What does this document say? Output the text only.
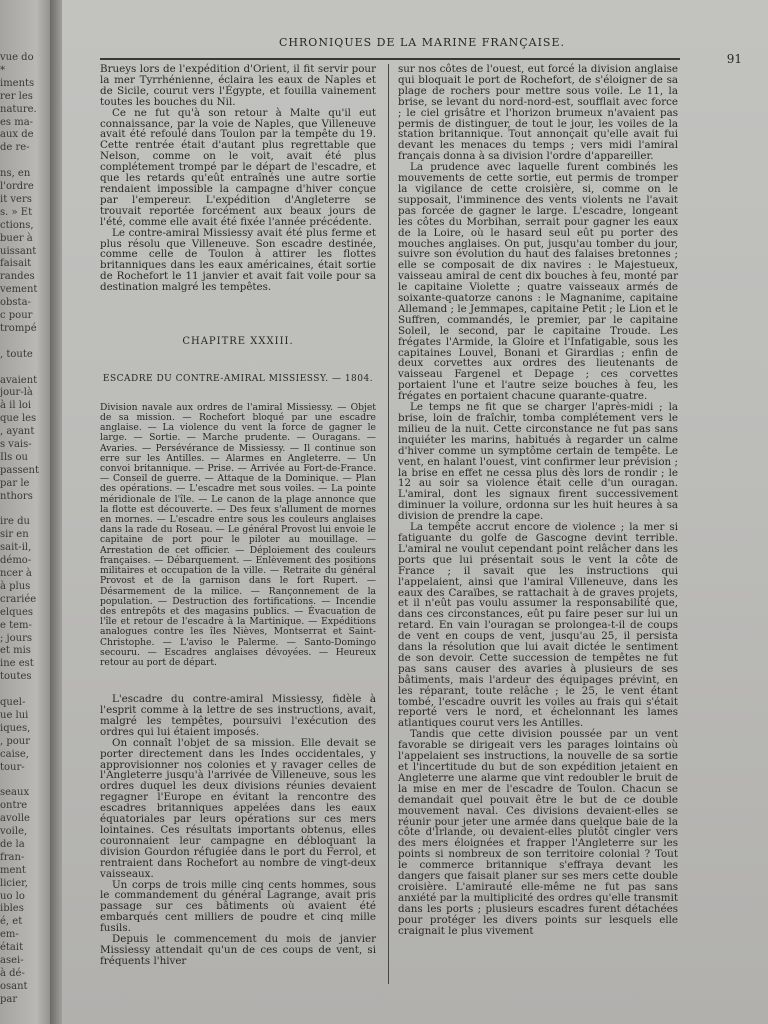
vue do
*
iments
rer les
nature.
es ma-
aux de
de re-
ns, en
l'ordre
it vers
s. » Et
ctions,
buer à
uissant
faisait
randes
vement
obsta-
c pour
trompé
, toute
avaient
jour-là
à il loi
que les
, ayant
s vais-
Ils ou
passent
par le
nthors
ire du
sir en
sait-il,
démo-
ncer à
à plus
crariée
elques
e tem-
; jours
et mis
ine est
toutes
quel-
ue lui
iques,
, pour
caise,
tour-
seaux
ontre
avolle
voile,
de la
fran-
ment
licier,
uo lo
ibles
é, et
em-
était
asei-
à dé-
osant
par
CHRONIQUES DE LA MARINE FRANÇAISE.
91

Brueys lors de l'expédition d'Orient, il fit servir pour la mer Tyrrhénienne, éclaira les eaux de Naples et de Sicile, courut vers l'Égypte, et fouilla vainement toutes les bouches du Nil.

Ce ne fut qu'à son retour à Malte qu'il eut connaissance, par la voie de Naples, que Villeneuve avait été refoulé dans Toulon par la tempête du 19. Cette rentrée était d'autant plus regrettable que Nelson, comme on le voit, avait été plus complétement trompé par le départ de l'escadre, et que les retards qu'eût entraînés une autre sortie rendaient impossible la campagne d'hiver conçue par l'empereur. L'expédition d'Angleterre se trouvait reportée forcément aux beaux jours de l'été, comme elle avait été fixée l'année précédente.

Le contre-amiral Missiessy avait été plus ferme et plus résolu que Villeneuve. Son escadre destinée, comme celle de Toulon à attirer les flottes britanniques dans les eaux américaines, était sortie de Rochefort le 11 janvier et avait fait voile pour sa destination malgré les tempêtes.

CHAPITRE XXXIII.
ESCADRE DU CONTRE-AMIRAL MISSIESSY. — 1804.
Division navale aux ordres de l'amiral Missiessy. — Objet de sa mission. — Rochefort bloqué par une escadre anglaise. — La violence du vent la force de gagner le large. — Sortie. — Marche prudente. — Ouragans. — Avaries. — Persévérance de Missiessy. — Il continue son erre sur les Antilles. — Alarmes en Angleterre. — Un convoi britannique. — Prise. — Arrivée au Fort-de-France. — Conseil de guerre. — Attaque de la Dominique. — Plan des opérations. — L'escadre met sous voiles. — La pointe méridionale de l'île. — Le canon de la plage annonce que la flotte est découverte. — Des feux s'allument de mornes en mornes. — L'escadre entre sous les couleurs anglaises dans la rade du Roseau. — Le général Provost lui envoie le capitaine de port pour le piloter au mouillage. — Arrestation de cet officier. — Déploiement des couleurs françaises. — Débarquement. — Enlèvement des positions militaires et occupation de la ville. — Retraite du général Provost et de la garnison dans le fort Rupert. — Désarmement de la milice. — Rançonnement de la population. — Destruction des fortifications. — Incendie des entrepôts et des magasins publics. — Évacuation de l'île et retour de l'escadre à la Martinique. — Expéditions analogues contre les îles Nièves, Montserrat et Saint-Christophe. — L'aviso le Palerme. — Santo-Domingo secouru. — Escadres anglaises dévoyées. — Heureux retour au port de départ.

L'escadre du contre-amiral Missiessy, fidèle à l'esprit comme à la lettre de ses instructions, avait, malgré les tempêtes, poursuivi l'exécution des ordres qui lui étaient imposés.

On connaît l'objet de sa mission. Elle devait se porter directement dans les Indes occidentales, y approvisionner nos colonies et y ravager celles de l'Angleterre jusqu'à l'arrivée de Villeneuve, sous les ordres duquel les deux divisions réunies devaient regagner l'Europe en évitant la rencontre des escadres britanniques appelées dans les eaux équatoriales par leurs opérations sur ces mers lointaines. Ces résultats importants obtenus, elles couronnaient leur campagne en débloquant la division Gourdon réfugiée dans le port du Ferrol, et rentraient dans Rochefort au nombre de vingt-deux vaisseaux.

Un corps de trois mille cinq cents hommes, sous le commandement du général Lagrange, avait pris passage sur ces bâtiments où avaient été embarqués cent milliers de poudre et cinq mille fusils.

Depuis le commencement du mois de janvier Missiessy attendait qu'un de ces coups de vent, si fréquents l'hiver

sur nos côtes de l'ouest, eut forcé la division anglaise qui bloquait le port de Rochefort, de s'éloigner de sa plage de rochers pour mettre sous voile. Le 11, la brise, se levant du nord-nord-est, soufflait avec force ; le ciel grisâtre et l'horizon brumeux n'avaient pas permis de distinguer, de tout le jour, les voiles de la station britannique. Tout annonçait qu'elle avait fui devant les menaces du temps ; vers midi l'amiral français donna à sa division l'ordre d'appareiller.

La prudence avec laquelle furent combinés les mouvements de cette sortie, eut permis de tromper la vigilance de cette croisière, si, comme on le supposait, l'imminence des vents violents ne l'avait pas forcée de gagner le large. L'escadre, longeant les côtes du Morbihan, serrait pour gagner les eaux de la Loire, où le hasard seul eût pu porter des mouches anglaises. On put, jusqu'au tomber du jour, suivre son évolution du haut des falaises bretonnes ; elle se composait de dix navires : le Majestueux, vaisseau amiral de cent dix bouches à feu, monté par le capitaine Violette ; quatre vaisseaux armés de soixante-quatorze canons : le Magnanime, capitaine Allemand ; le Jemmapes, capitaine Petit ; le Lion et le Suffren, commandés, le premier, par le capitaine Soleil, le second, par le capitaine Troude. Les frégates l'Armide, la Gloire et l'Infatigable, sous les capitaines Louvel, Bonani et Girardias ; enfin de deux corvettes aux ordres des lieutenants de vaisseau Fargenel et Depage ; ces corvettes portaient l'une et l'autre seize bouches à feu, les frégates en portaient chacune quarante-quatre.

Le temps ne fit que se charger l'après-midi ; la brise, loin de fraîchir, tomba complétement vers le milieu de la nuit. Cette circonstance ne fut pas sans inquiéter les marins, habitués à regarder un calme d'hiver comme un symptôme certain de tempête. Le vent, en halant l'ouest, vint confirmer leur prévision ; la brise en effet ne cessa plus dès lors de rondir ; le 12 au soir sa violence était celle d'un ouragan. L'amiral, dont les signaux firent successivement diminuer la voilure, ordonna sur les huit heures à sa division de prendre la cape.

La tempête accrut encore de violence ; la mer si fatiguante du golfe de Gascogne devint terrible. L'amiral ne voulut cependant point relâcher dans les ports que lui présentait sous le vent la côte de France ; il savait que les instructions qui l'appelaient, ainsi que l'amiral Villeneuve, dans les eaux des Caraïbes, se rattachait à de graves projets, et il n'eût pas voulu assumer la responsabilité que, dans ces circonstances, eût pu faire peser sur lui un retard. En vain l'ouragan se prolongea-t-il de coups de vent en coups de vent, jusqu'au 25, il persista dans la résolution que lui avait dictée le sentiment de son devoir. Cette succession de tempêtes ne fut pas sans causer des avaries à plusieurs de ses bâtiments, mais l'ardeur des équipages prévint, en les réparant, toute relâche ; le 25, le vent étant tombé, l'escadre ouvrit les voiles au frais qui s'était reporté vers le nord, et échelonnant les lames atlantiques courut vers les Antilles.

Tandis que cette division poussée par un vent favorable se dirigeait vers les parages lointains où l'appelaient ses instructions, la nouvelle de sa sortie et l'incertitude du but de son expédition jetaient en Angleterre une alarme que vint redoubler le bruit de la mise en mer de l'escadre de Toulon. Chacun se demandait quel pouvait être le but de ce double mouvement naval. Ces divisions devaient-elles se réunir pour jeter une armée dans quelque baie de la côte d'Irlande, ou devaient-elles plutôt cingler vers des mers éloignées et frapper l'Angleterre sur les points si nombreux de son territoire colonial ? Tout le commerce britannique s'effraya devant les dangers que faisait planer sur ses mers cette double croisière. L'amirauté elle-même ne fut pas sans anxiété par la multiplicité des ordres qu'elle transmit dans les ports ; plusieurs escadres furent détachées pour protéger les divers points sur lesquels elle craignait le plus vivement
